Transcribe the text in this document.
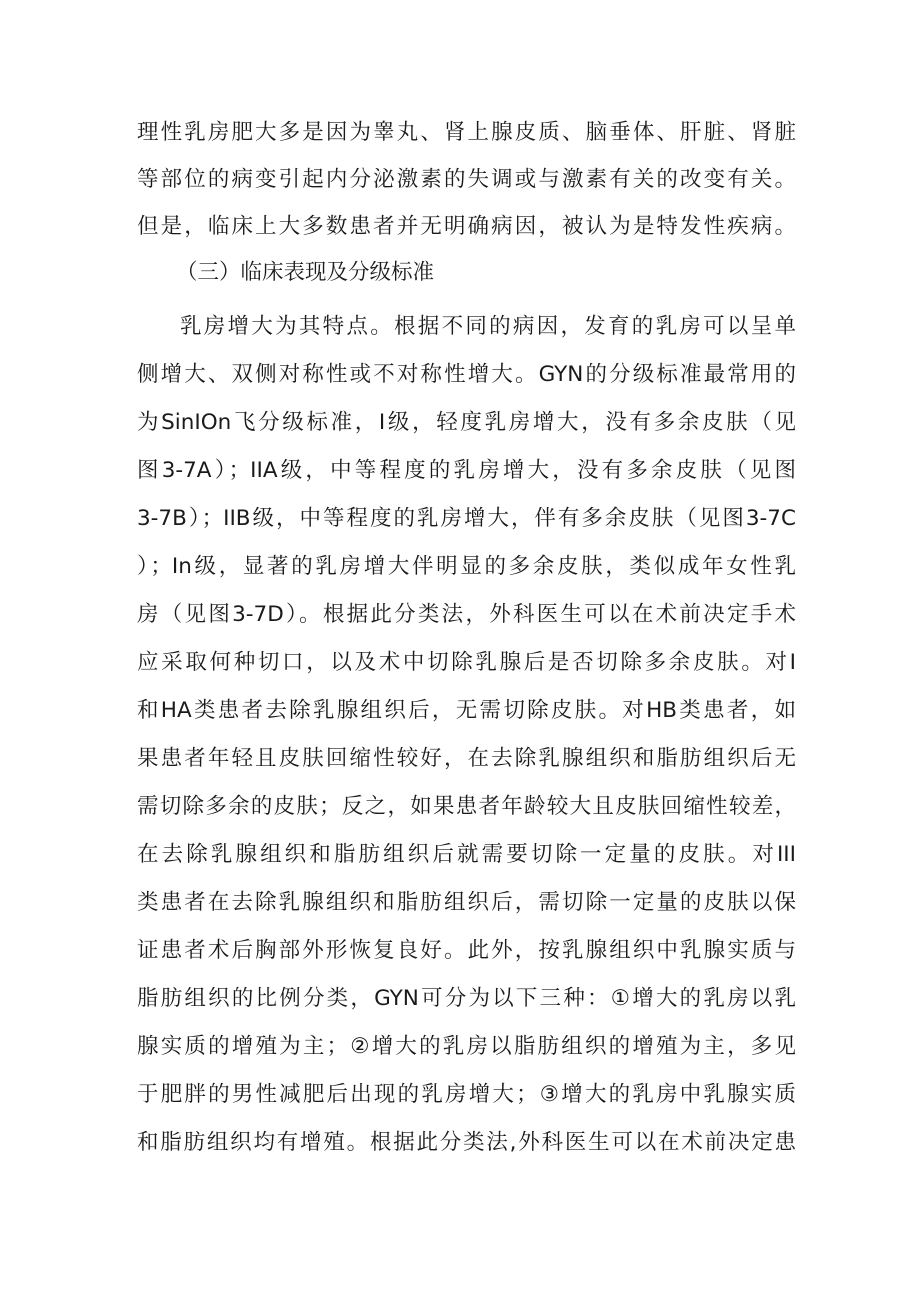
理性乳房肥大多是因为睾丸、肾上腺皮质、脑垂体、肝脏、肾脏
等部位的病变引起内分泌激素的失调或与激素有关的改变有关。
但是，临床上大多数患者并无明确病因，被认为是特发性疾病。
（三）临床表现及分级标准
乳房增大为其特点。根据不同的病因，发育的乳房可以呈单
侧增大、双侧对称性或不对称性增大。GYN的分级标准最常用的
为SinIOn飞分级标准，I级，轻度乳房增大，没有多余皮肤（见
图3-7A）；IIA级，中等程度的乳房增大，没有多余皮肤（见图
3-7B）；IIB级，中等程度的乳房增大，伴有多余皮肤（见图3-7C
）；In级，显著的乳房增大伴明显的多余皮肤，类似成年女性乳
房（见图3-7D）。根据此分类法，外科医生可以在术前决定手术
应采取何种切口，以及术中切除乳腺后是否切除多余皮肤。对I
和HA类患者去除乳腺组织后，无需切除皮肤。对HB类患者，如
果患者年轻且皮肤回缩性较好，在去除乳腺组织和脂肪组织后无
需切除多余的皮肤；反之，如果患者年龄较大且皮肤回缩性较差，
在去除乳腺组织和脂肪组织后就需要切除一定量的皮肤。对III
类患者在去除乳腺组织和脂肪组织后，需切除一定量的皮肤以保
证患者术后胸部外形恢复良好。此外，按乳腺组织中乳腺实质与
脂肪组织的比例分类，GYN可分为以下三种：①增大的乳房以乳
腺实质的增殖为主；②增大的乳房以脂肪组织的增殖为主，多见
于肥胖的男性减肥后出现的乳房增大；③增大的乳房中乳腺实质
和脂肪组织均有增殖。根据此分类法,外科医生可以在术前决定患
